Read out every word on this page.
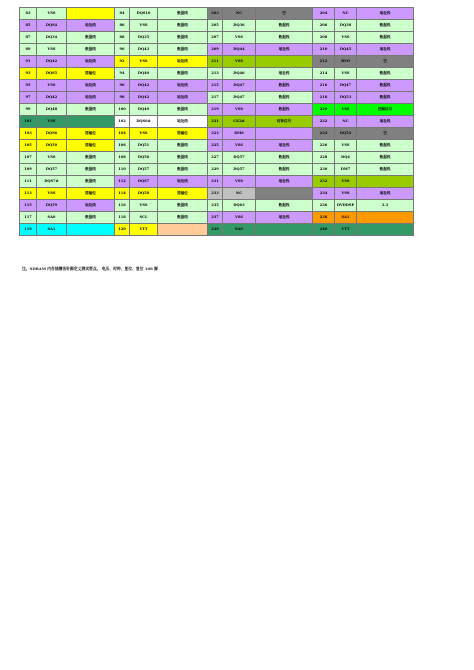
83	VSS		84	DQS10	数据线	203	NC	空	204	NC	地址线
85	DQS4	地址线	86	VSS	数据线	205	DQ36	数据线	206	DQ38	数据线
87	DQ34	数据线	88	DQ35	数据线	207	VSS	数据线	208	VSS	数据线
89	VSS	数据线	90	DQ43	数据线	209	DQ44	地址线	210	DQ45	地址线
91	DQ42	地址线	92	VSS	地址线	211	VSS		212	RVO	空
93	DQS5	简输位	94	DQ40	数据线	213	DQ46	地址线	214	VSS	数据线
95	VSS	地址线	96	DQ42	地址线	215	DQ47	数据线	216	DQ47	数据线
97	DQ42	地址线	98	DQ42	地址线	217	DQ47	数据线	218	DQ53	数据线
99	DQ48	数据线	100	DQ49	数据线	219	VSS	数据线	220	VSS	控制信号
101	VSS		102	DQS6#	地址线	221	CK2#	时钟信号	222	NC	地址线
103	DQS6	简输位	104	VSS	简输位	223	DM6		224	DQ54	空
105	DQ50	简输位	106	DQ51	数据线	225	VSS	地址线	226	VSS	数据线
107	VSS	数据线	108	DQ56	数据线	227	DQ57	数据线	228	DQ4	数据线
109	DQ57	数据线	110	DQ57	数据线	229	DQ57	数据线	230	DM7	数据线
111	DQS7#	数据线	112	DQS7	地址线	231	VSS	地址线	232	VSS	
113	VSS	简输位	114	DQ58	简输位	233	NC		234	VSS	地址线
115	DQ59	地址线	116	VSS	数据线	235	DQ63	数据线	236	DVDDSP	3.3
117	SA0	数据线	118	SCL	数据线	237	VSS	地址线	238	SA1	
119	SA1		120	VTT		239	SA0		240	VTT	
注。SDRAM 内存插槽各针脚定义测试要点。 电压、时钟、复位、复位 168 脚
